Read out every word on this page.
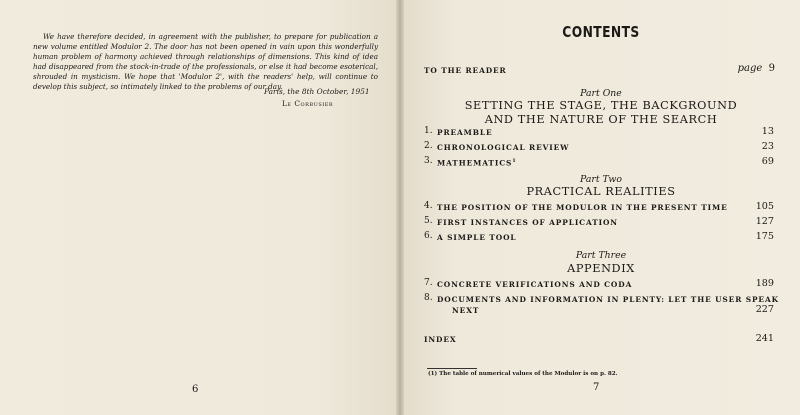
We have therefore decided, in agreement with the publisher, to prepare for publication a new volume entitled Modulor 2. The door has not been opened in vain upon this wonderfully human problem of harmony achieved through relationships of dimensions. This kind of idea had disappeared from the stock-in-trade of the professionals, or else it had become esoterical, shrouded in mysticism. We hope that 'Modulor 2', with the readers' help, will continue to develop this subject, so intimately linked to the problems of our day.
Paris, the 8th October, 1951
Le Corbusier
6
CONTENTS
TO THE READER	page 9
Part One
SETTING THE STAGE, THE BACKGROUND
AND THE NATURE OF THE SEARCH
1. PREAMBLE	13
2. CHRONOLOGICAL REVIEW	23
3. MATHEMATICS$^1$	69
Part Two
PRACTICAL REALITIES
4. THE POSITION OF THE MODULOR IN THE PRESENT TIME	105
5. FIRST INSTANCES OF APPLICATION	127
6. A SIMPLE TOOL	175
Part Three
APPENDIX
7. CONCRETE VERIFICATIONS AND CODA	189
8. DOCUMENTS AND INFORMATION IN PLENTY: LET THE USER SPEAK
NEXT	227
INDEX	241
(1) The table of numerical values of the Modulor is on p. 82.
7
